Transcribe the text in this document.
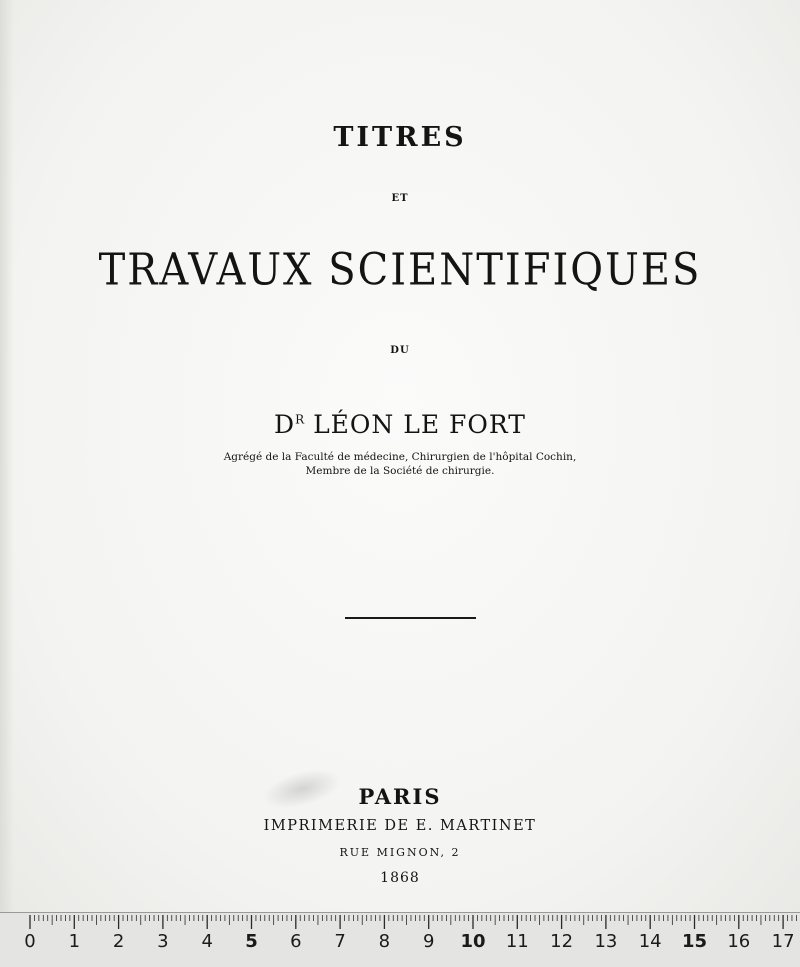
TITRES
ET
TRAVAUX SCIENTIFIQUES
DU
$D^R$ LÉON LE FORT
Agrégé de la Faculté de médecine, Chirurgien de l'hôpital Cochin,
Membre de la Société de chirurgie.
PARIS
IMPRIMERIE DE E. MARTINET
RUE MIGNON, 2
1868
0	1	2	3	4	5	6	7	8	9	10 11 12 13 14 15 16 17
